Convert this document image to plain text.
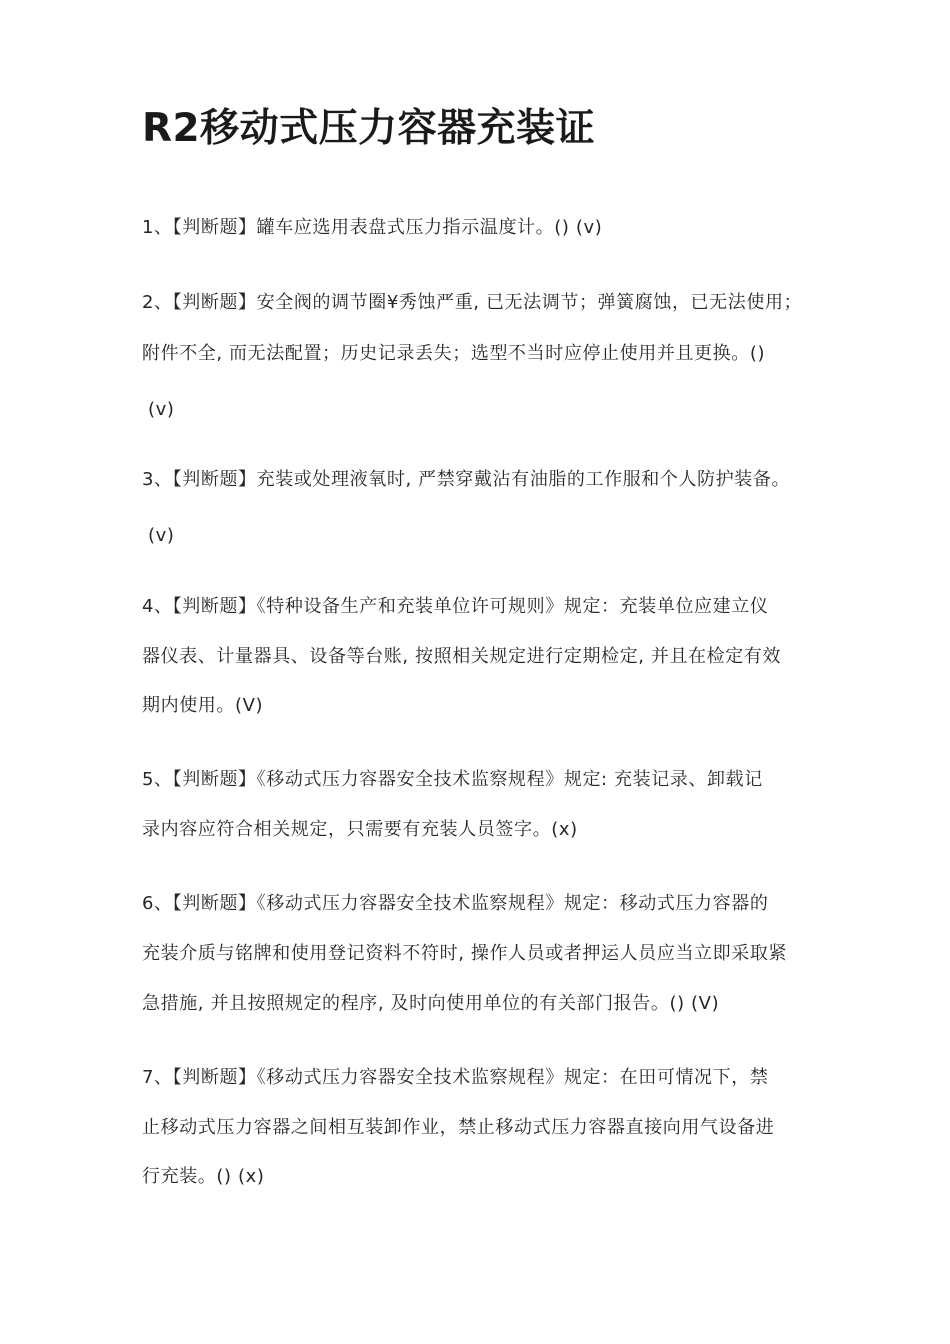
R2移动式压力容器充装证
1、【判断题】罐车应选用表盘式压力指示温度计。() (v)
2、【判断题】安全阀的调节圈¥秀蚀严重, 已无法调节；弹簧腐蚀，已无法使用；
附件不全, 而无法配置；历史记录丢失；选型不当时应停止使用并且更换。()
(v)
3、【判断题】充装或处理液氧时, 严禁穿戴沾有油脂的工作服和个人防护装备。
(v)
4、【判断题】《特种设备生产和充装单位许可规则》规定：充装单位应建立仪
器仪表、计量器具、设备等台账, 按照相关规定进行定期检定, 并且在检定有效
期内使用。(V)
5、【判断题】《移动式压力容器安全技术监察规程》规定: 充装记录、卸载记
录内容应符合相关规定，只需要有充装人员签字。(x)
6、【判断题】《移动式压力容器安全技术监察规程》规定：移动式压力容器的
充装介质与铭牌和使用登记资料不符时, 操作人员或者押运人员应当立即采取紧
急措施, 并且按照规定的程序, 及时向使用单位的有关部门报告。() (V)
7、【判断题】《移动式压力容器安全技术监察规程》规定：在田可情况下，禁
止移动式压力容器之间相互装卸作业，禁止移动式压力容器直接向用气设备进
行充装。() (x)
